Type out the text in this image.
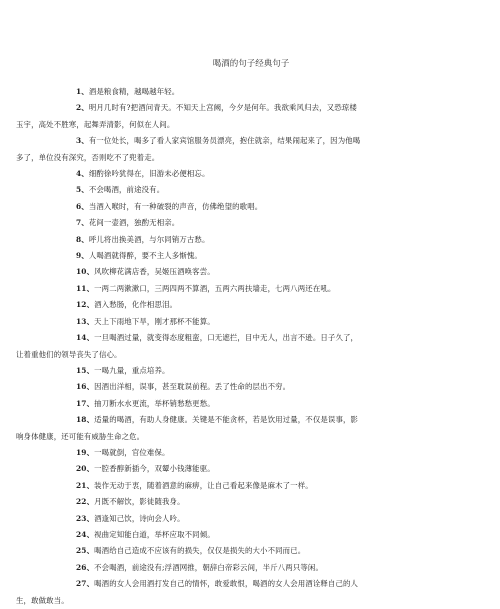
喝酒的句子经典句子
1、酒是粮食精，越喝越年轻。
2、明月几时有?把酒问青天。不知天上宫阙，今夕是何年。我欲乘风归去，又恐琼楼
玉宇，高处不胜寒，起舞弄清影，何似在人间。
3、有一位处长，喝多了看人家宾馆服务员漂亮，抱住就亲，结果闹起来了，因为他喝
多了，单位没有深究，否则吃不了兜着走。
4、细酌徐吟犹得在，旧游未必便相忘。
5、不会喝酒，前途没有。
6、当酒入喉时，有一种破裂的声音，仿佛绝望的歌唱。
7、花间一壶酒，独酌无相亲。
8、呼儿将出换美酒，与尔同销万古愁。
9、人喝酒就得醉，要不主人多惭愧。
10、风吹柳花满店香，吴姬压酒唤客尝。
11、一两二两漱漱口，三两四两不算酒，五两六两扶墙走，七两八两还在吼。
12、酒入愁肠，化作相思泪。
13、天上下雨地下旱，刚才那杯不能算。
14、一旦喝酒过量，就变得态度粗蛮，口无遮拦，目中无人，出言不逊。日子久了，
让着重他们的领导丧失了信心。
15、一喝九量，重点培养。
16、因酒出洋相，误事，甚至耽误前程。丢了性命的层出不穷。
17、抽刀断水水更流，举杯销愁愁更愁。
18、适量的喝酒，有助人身健康。关键是不能贪杯，若是饮用过量，不仅是误事，影
响身体健康，还可能有威胁生命之危。
19、一喝就倒，官位难保。
20、一腔香醇新插今，双颦小钱薄能驱。
21、装作无动于衷，随着酒意的麻痹，让自己看起来像是麻木了一样。
22、月既不解饮，影徒随我身。
23、酒逢知己饮，诗向会人吟。
24、视曲定知能白道，举杯应取不同倾。
25、喝酒给自己造成不应该有的损失，仅仅是损失的大小不同而已。
26、不会喝酒，前途没有;浮酒网推，朝辞白帝彩云间，半斤八两只等闲。
27、喝酒的女人会用酒打发自己的情怀，敢爱敢恨，喝酒的女人会用酒诠释自己的人
生，敢做敢当。
